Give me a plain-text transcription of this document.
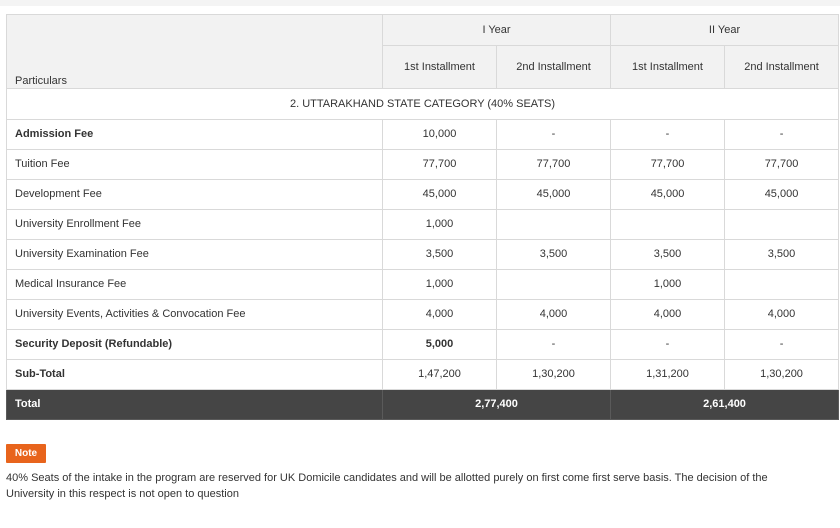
Particulars	I Year		II Year	
	1st Installment	2nd Installment	1st Installment	2nd Installment
2. UTTARAKHAND STATE CATEGORY (40% SEATS)				
Admission Fee	10,000	-	-	-
Tuition Fee	77,700	77,700	77,700	77,700
Development Fee	45,000	45,000	45,000	45,000
University Enrollment Fee	1,000			
University Examination Fee	3,500	3,500	3,500	3,500
Medical Insurance Fee	1,000		1,000	
University Events, Activities & Convocation Fee	4,000	4,000	4,000	4,000
Security Deposit (Refundable)	5,000	-	-	-
Sub-Total	1,47,200	1,30,200	1,31,200	1,30,200
Total	2,77,400		2,61,400	
Note
40% Seats of the intake in the program are reserved for UK Domicile candidates and will be allotted purely on first come first serve basis. The decision of the University in this respect is not open to question
